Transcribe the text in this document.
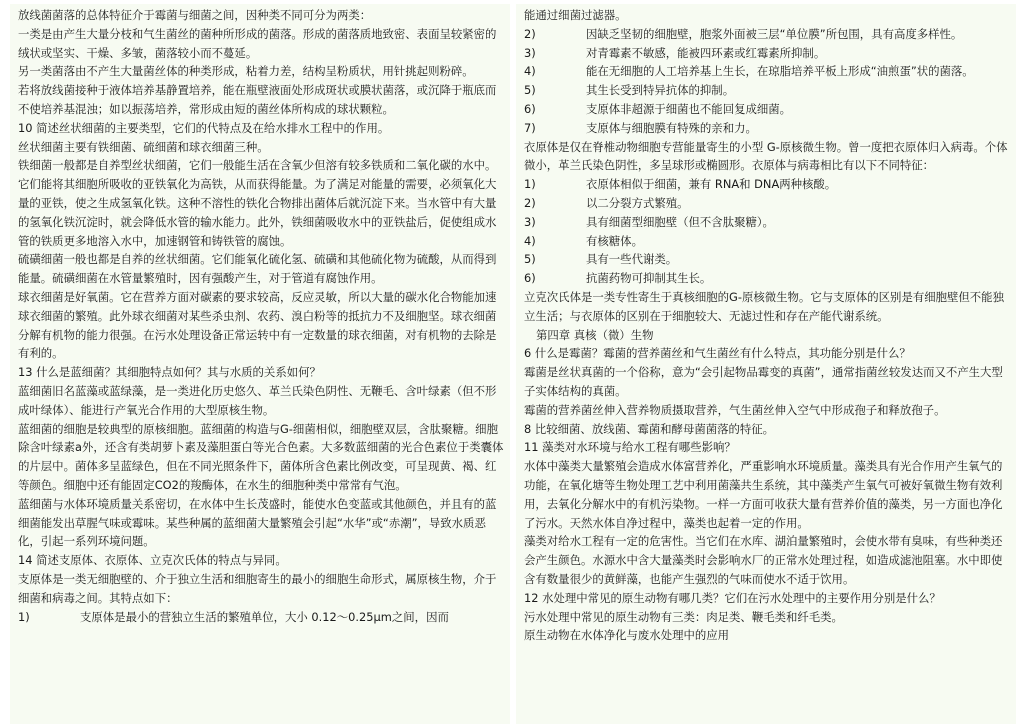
放线菌菌落的总体特征介于霉菌与细菌之间，因种类不同可分为两类：

一类是由产生大量分枝和气生菌丝的菌种所形成的菌落。形成的菌落质地致密、表面呈较紧密的绒状或坚实、干燥、多皱，菌落较小而不蔓延。

另一类菌落由不产生大量菌丝体的种类形成，粘着力差，结构呈粉质状，用针挑起则粉碎。

若将放线菌接种于液体培养基静置培养，能在瓶壁液面处形成斑状或膜状菌落，或沉降于瓶底而不使培养基混浊；如以振荡培养，常形成由短的菌丝体所构成的球状颗粒。

10 简述丝状细菌的主要类型，它们的代特点及在给水排水工程中的作用。

丝状细菌主要有铁细菌、硫细菌和球衣细菌三种。

铁细菌一般都是自养型丝状细菌，它们一般能生活在含氧少但溶有较多铁质和二氧化碳的水中。它们能将其细胞所吸收的亚铁氧化为高铁，从而获得能量。为了满足对能量的需要，必须氧化大量的亚铁，使之生成氢氧化铁。这种不溶性的铁化合物排出菌体后就沉淀下来。当水管中有大量的氢氧化铁沉淀时，就会降低水管的输水能力。此外，铁细菌吸收水中的亚铁盐后，促使组成水管的铁质更多地溶入水中，加速钢管和铸铁管的腐蚀。

硫磺细菌一般也都是自养的丝状细菌。它们能氧化硫化氢、硫磺和其他硫化物为硫酸，从而得到能量。硫磺细菌在水管量繁殖时，因有强酸产生，对于管道有腐蚀作用。

球衣细菌是好氧菌。它在营养方面对碳素的要求较高，反应灵敏，所以大量的碳水化合物能加速球衣细菌的繁殖。此外球衣细菌对某些杀虫剂、农药、溴白粉等的抵抗力不及细胞坚。球衣细菌分解有机物的能力很强。在污水处理设备正常运转中有一定数量的球衣细菌，对有机物的去除是有利的。

13 什么是蓝细菌？其细胞特点如何？其与水质的关系如何？

蓝细菌旧名蓝藻或蓝绿藻，是一类进化历史悠久、革兰氏染色阴性、无鞭毛、含叶绿素（但不形成叶绿体）、能进行产氧光合作用的大型原核生物。

蓝细菌的细胞是较典型的原核细胞。蓝细菌的构造与G-细菌相似，细胞壁双层，含肽聚糖。细胞除含叶绿素a外，还含有类胡萝卜素及藻胆蛋白等光合色素。大多数蓝细菌的光合色素位于类囊体的片层中。菌体多呈蓝绿色，但在不同光照条件下，菌体所含色素比例改变，可呈现黄、褐、红等颜色。细胞中还有能固定CO2的羧酶体，在水生的细胞种类中常常有气泡。

蓝细菌与水体环境质量关系密切，在水体中生长茂盛时，能使水色变蓝或其他颜色，并且有的蓝细菌能发出草腥气味或霉味。某些种属的蓝细菌大量繁殖会引起“水华”或“赤潮”，导致水质恶化，引起一系列环境问题。

14 简述支原体、衣原体、立克次氏体的特点与异同。

支原体是一类无细胞壁的、介于独立生活和细胞寄生的最小的细胞生命形式，属原核生物，介于细菌和病毒之间。其特点如下：

1)	支原体是最小的营独立生活的繁殖单位，大小 0.12～0.25μm之间，因而

能通过细菌过滤器。

2)	因缺乏坚韧的细胞壁，胞浆外面被三层“单位膜”所包围，具有高度多样性。
3)	对青霉素不敏感，能被四环素或红霉素所抑制。
4)	能在无细胞的人工培养基上生长，在琼脂培养平板上形成“油煎蛋”状的菌落。
5)	其生长受到特异抗体的抑制。
6)	支原体非超源于细菌也不能回复成细菌。
7)	支原体与细胞膜有特殊的亲和力。

衣原体是仅在脊椎动物细胞专营能量寄生的小型 G-原核微生物。曾一度把衣原体归入病毒。个体微小，革兰氏染色阴性，多呈球形或椭圆形。衣原体与病毒相比有以下不同特征：

1)	衣原体相似于细菌，兼有 RNA和 DNA两种核酸。
2)	以二分裂方式繁殖。
3)	具有细菌型细胞壁（但不含肽聚糖）。
4)	有核糖体。
5)	具有一些代谢类。
6)	抗菌药物可抑制其生长。

立克次氏体是一类专性寄生于真核细胞的G-原核微生物。它与支原体的区别是有细胞壁但不能独立生活；与衣原体的区别在于细胞较大、无滤过性和存在产能代谢系统。

第四章 真核（微）生物

6 什么是霉菌？霉菌的营养菌丝和气生菌丝有什么特点，其功能分别是什么？

霉菌是丝状真菌的一个俗称，意为“会引起物品霉变的真菌”，通常指菌丝较发达而又不产生大型子实体结构的真菌。

霉菌的营养菌丝伸入营养物质摄取营养，气生菌丝伸入空气中形成孢子和释放孢子。

8 比较细菌、放线菌、霉菌和酵母菌菌落的特征。

11 藻类对水环境与给水工程有哪些影响？

水体中藻类大量繁殖会造成水体富营养化，严重影响水环境质量。藻类具有光合作用产生氧气的功能，在氧化塘等生物处理工艺中利用菌藻共生系统，其中藻类产生氧气可被好氧微生物有效利用，去氧化分解水中的有机污染物。一样一方面可收获大量有营养价值的藻类，另一方面也净化了污水。天然水体自净过程中，藻类也起着一定的作用。

藻类对给水工程有一定的危害性。当它们在水库、湖泊量繁殖时，会使水带有臭味，有些种类还会产生颜色。水源水中含大量藻类时会影响水厂的正常水处理过程，如造成滤池阻塞。水中即使含有数量很少的黄鲜藻，也能产生强烈的气味而使水不适于饮用。

12 水处理中常见的原生动物有哪几类？它们在污水处理中的主要作用分别是什么？

污水处理中常见的原生动物有三类：肉足类、鞭毛类和纤毛类。

原生动物在水体净化与废水处理中的应用
